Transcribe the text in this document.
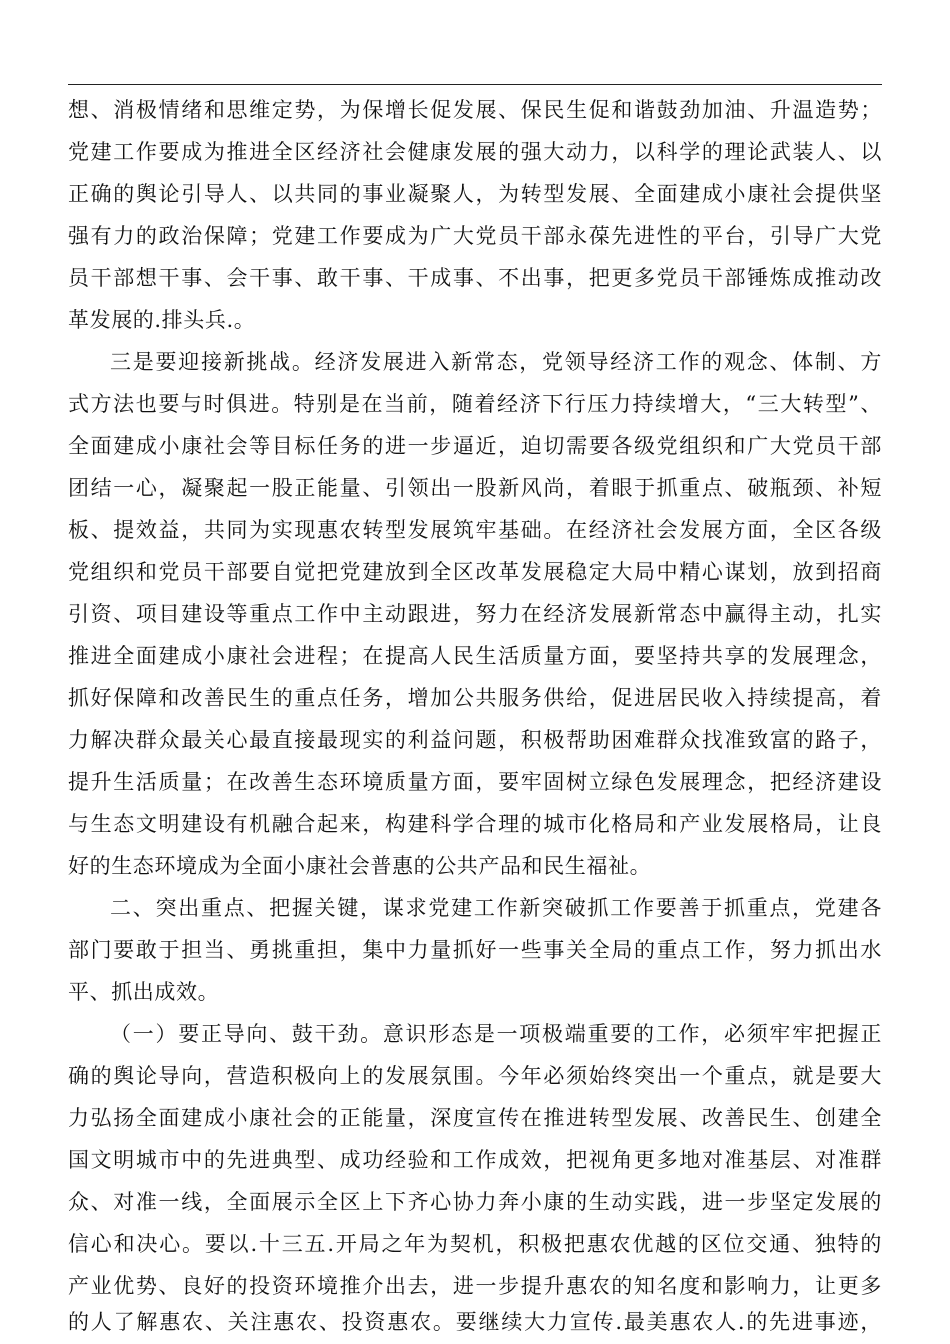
想、消极情绪和思维定势，为保增长促发展、保民生促和谐鼓劲加油、升温造势；
党建工作要成为推进全区经济社会健康发展的强大动力，以科学的理论武装人、以
正确的舆论引导人、以共同的事业凝聚人，为转型发展、全面建成小康社会提供坚
强有力的政治保障；党建工作要成为广大党员干部永葆先进性的平台，引导广大党
员干部想干事、会干事、敢干事、干成事、不出事，把更多党员干部锤炼成推动改
革发展的.排头兵.。
三是要迎接新挑战。经济发展进入新常态，党领导经济工作的观念、体制、方
式方法也要与时俱进。特别是在当前，随着经济下行压力持续增大，“三大转型”、
全面建成小康社会等目标任务的进一步逼近，迫切需要各级党组织和广大党员干部
团结一心，凝聚起一股正能量、引领出一股新风尚，着眼于抓重点、破瓶颈、补短
板、提效益，共同为实现惠农转型发展筑牢基础。在经济社会发展方面，全区各级
党组织和党员干部要自觉把党建放到全区改革发展稳定大局中精心谋划，放到招商
引资、项目建设等重点工作中主动跟进，努力在经济发展新常态中赢得主动，扎实
推进全面建成小康社会进程；在提高人民生活质量方面，要坚持共享的发展理念，
抓好保障和改善民生的重点任务，增加公共服务供给，促进居民收入持续提高，着
力解决群众最关心最直接最现实的利益问题，积极帮助困难群众找准致富的路子，
提升生活质量；在改善生态环境质量方面，要牢固树立绿色发展理念，把经济建设
与生态文明建设有机融合起来，构建科学合理的城市化格局和产业发展格局，让良
好的生态环境成为全面小康社会普惠的公共产品和民生福祉。
二、突出重点、把握关键，谋求党建工作新突破抓工作要善于抓重点，党建各
部门要敢于担当、勇挑重担，集中力量抓好一些事关全局的重点工作，努力抓出水
平、抓出成效。
（一）要正导向、鼓干劲。意识形态是一项极端重要的工作，必须牢牢把握正
确的舆论导向，营造积极向上的发展氛围。今年必须始终突出一个重点，就是要大
力弘扬全面建成小康社会的正能量，深度宣传在推进转型发展、改善民生、创建全
国文明城市中的先进典型、成功经验和工作成效，把视角更多地对准基层、对准群
众、对准一线，全面展示全区上下齐心协力奔小康的生动实践，进一步坚定发展的
信心和决心。要以.十三五.开局之年为契机，积极把惠农优越的区位交通、独特的
产业优势、良好的投资环境推介出去，进一步提升惠农的知名度和影响力，让更多
的人了解惠农、关注惠农、投资惠农。要继续大力宣传.最美惠农人.的先进事迹，
